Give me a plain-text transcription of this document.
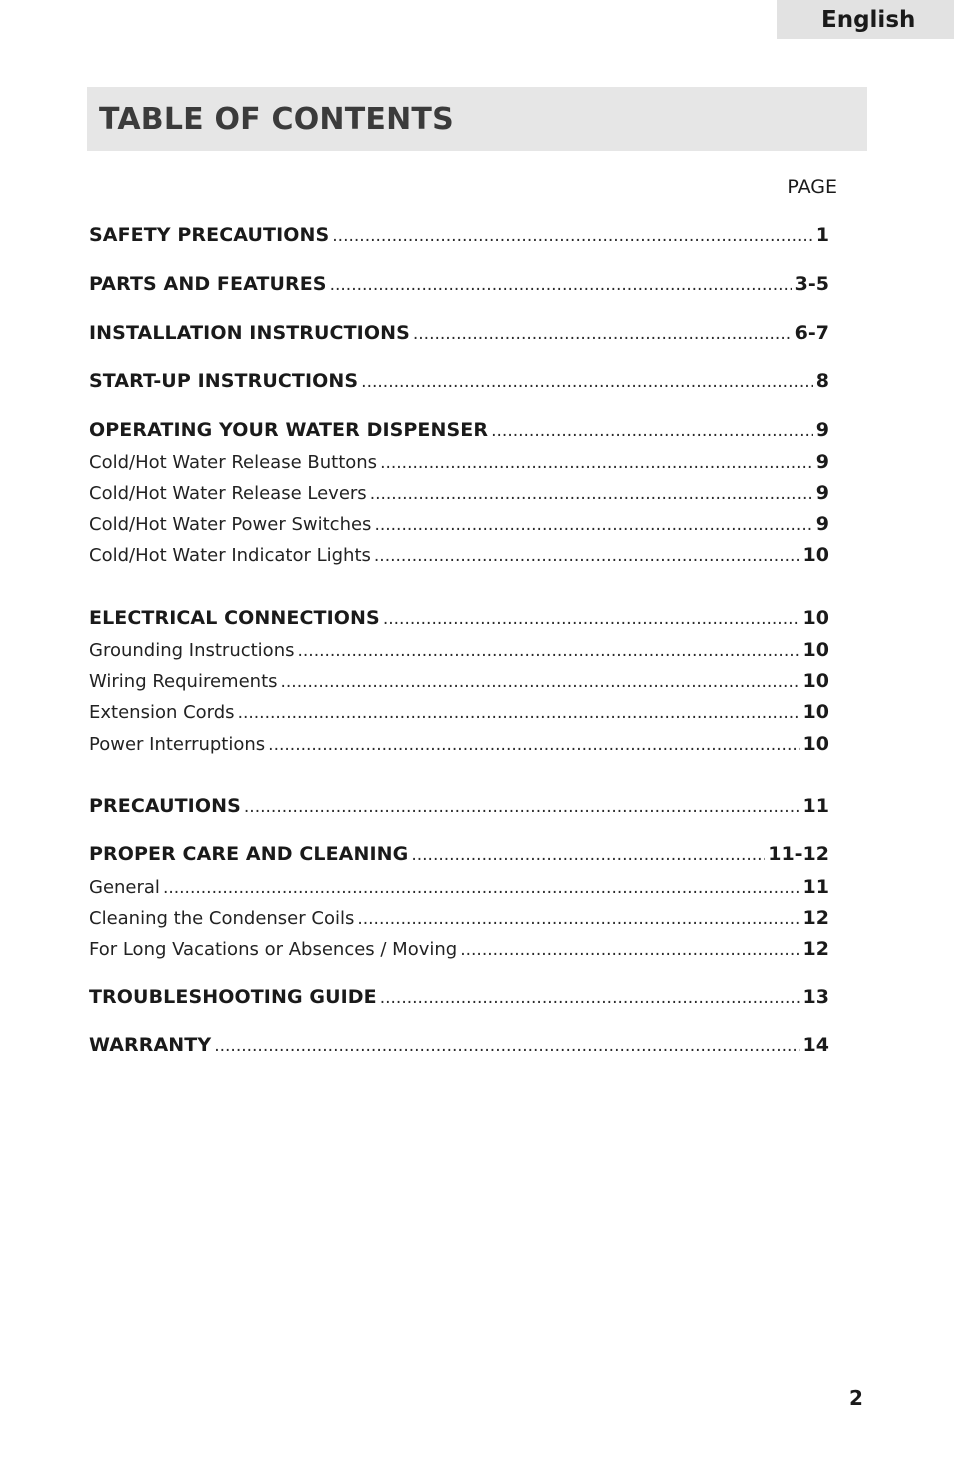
English
TABLE OF CONTENTS
PAGE
SAFETY PRECAUTIONS .....	1
PARTS AND FEATURES .....	3-5
INSTALLATION INSTRUCTIONS .....	6-7
START-UP INSTRUCTIONS .....	8
OPERATING YOUR WATER DISPENSER .....	9
Cold/Hot Water Release Buttons .....	9
Cold/Hot Water Release Levers .....	9
Cold/Hot Water Power Switches .....	9
Cold/Hot Water Indicator Lights .....	10
ELECTRICAL CONNECTIONS .....	10
Grounding Instructions .....	10
Wiring Requirements .....	10
Extension Cords .....	10
Power Interruptions .....	10
PRECAUTIONS .....	11
PROPER CARE AND CLEANING .....	11-12
General .....	11
Cleaning the Condenser Coils .....	12
For Long Vacations or Absences / Moving .....	12
TROUBLESHOOTING GUIDE .....	13
WARRANTY .....	14
2
